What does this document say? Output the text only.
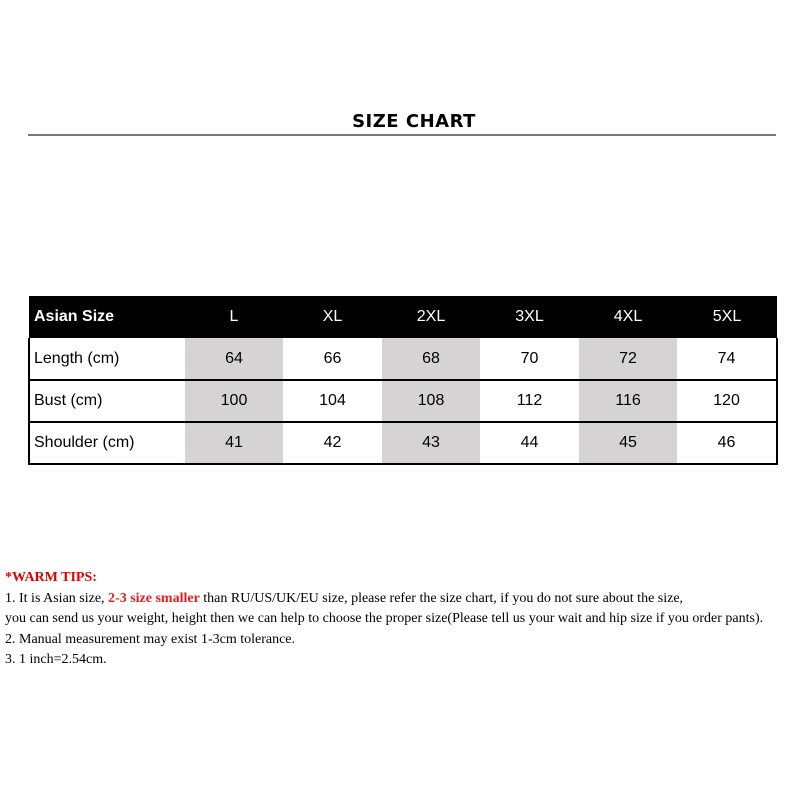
SIZE CHART
Asian Size	L	XL	2XL	3XL	4XL	5XL
Length (cm)	64	66	68	70	72	74
Bust (cm)	100	104	108	112	116	120
Shoulder (cm)	41	42	43	44	45	46

*WARM TIPS:

1. It is Asian size, 2-3 size smaller than RU/US/UK/EU size, please refer the size chart, if you do not sure about the size,

you can send us your weight, height then we can help to choose the proper size(Please tell us your wait and hip size if you order pants).

2. Manual measurement may exist 1-3cm tolerance.

3. 1 inch=2.54cm.
